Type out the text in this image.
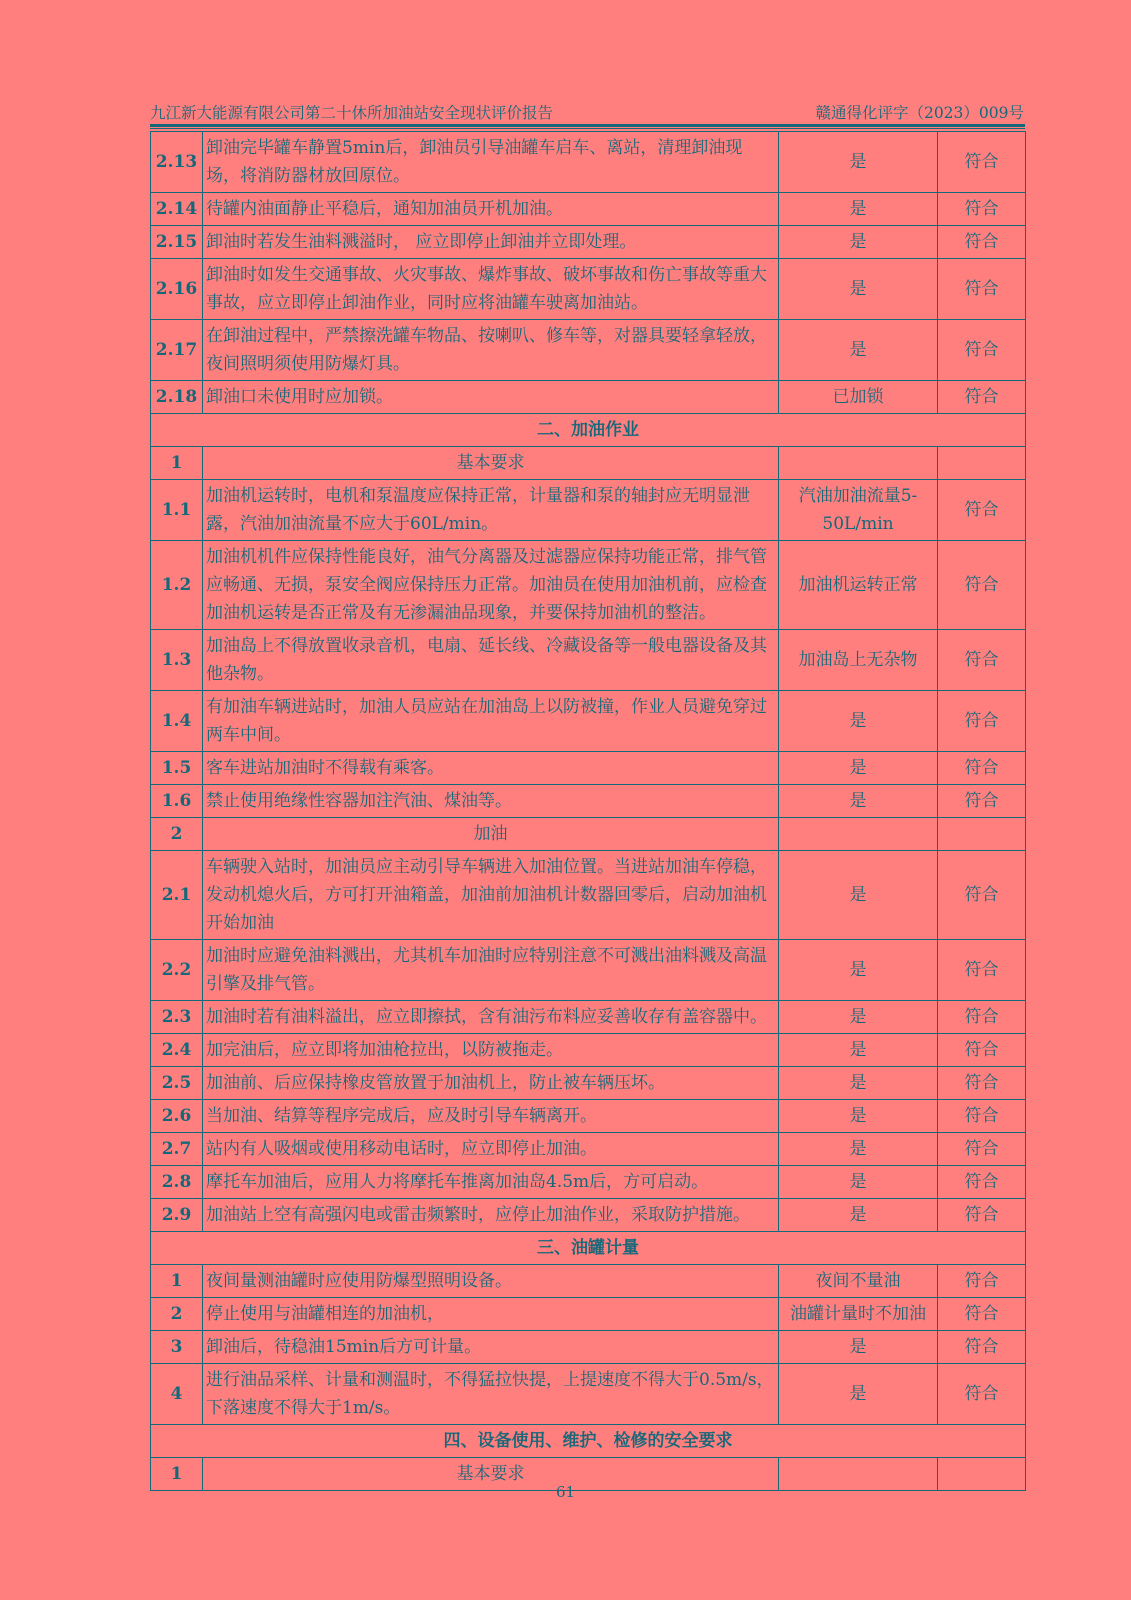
九江新大能源有限公司第二十休所加油站安全现状评价报告	赣通得化评字（2023）009号
2.13	卸油完毕罐车静置5min后，卸油员引导油罐车启车、离站，清理卸油现场，将消防器材放回原位。	是	符合
2.14	待罐内油面静止平稳后，通知加油员开机加油。	是	符合
2.15	卸油时若发生油料溅溢时， 应立即停止卸油并立即处理。	是	符合
2.16	卸油时如发生交通事故、火灾事故、爆炸事故、破坏事故和伤亡事故等重大事故，应立即停止卸油作业，同时应将油罐车驶离加油站。	是	符合
2.17	在卸油过程中，严禁擦洗罐车物品、按喇叭、修车等，对器具要轻拿轻放，夜间照明须使用防爆灯具。	是	符合
2.18	卸油口未使用时应加锁。	已加锁	符合
二、加油作业			
1	基本要求		
1.1	加油机运转时，电机和泵温度应保持正常，计量器和泵的轴封应无明显泄露，汽油加油流量不应大于60L/min。	汽油加油流量5-50L/min	符合
1.2	加油机机件应保持性能良好，油气分离器及过滤器应保持功能正常，排气管应畅通、无损，泵安全阀应保持压力正常。加油员在使用加油机前，应检查加油机运转是否正常及有无渗漏油品现象，并要保持加油机的整洁。	加油机运转正常	符合
1.3	加油岛上不得放置收录音机，电扇、延长线、冷藏设备等一般电器设备及其他杂物。	加油岛上无杂物	符合
1.4	有加油车辆进站时，加油人员应站在加油岛上以防被撞，作业人员避免穿过两车中间。	是	符合
1.5	客车进站加油时不得载有乘客。	是	符合
1.6	禁止使用绝缘性容器加注汽油、煤油等。	是	符合
2	加油		
2.1	车辆驶入站时，加油员应主动引导车辆进入加油位置。当进站加油车停稳，发动机熄火后，方可打开油箱盖，加油前加油机计数器回零后，启动加油机开始加油	是	符合
2.2	加油时应避免油料溅出，尤其机车加油时应特别注意不可溅出油料溅及高温引擎及排气管。	是	符合
2.3	加油时若有油料溢出，应立即擦拭，含有油污布料应妥善收存有盖容器中。	是	符合
2.4	加完油后，应立即将加油枪拉出，以防被拖走。	是	符合
2.5	加油前、后应保持橡皮管放置于加油机上，防止被车辆压坏。	是	符合
2.6	当加油、结算等程序完成后，应及时引导车辆离开。	是	符合
2.7	站内有人吸烟或使用移动电话时，应立即停止加油。	是	符合
2.8	摩托车加油后，应用人力将摩托车推离加油岛4.5m后，方可启动。	是	符合
2.9	加油站上空有高强闪电或雷击频繁时，应停止加油作业，采取防护措施。	是	符合
三、油罐计量			
1	夜间量测油罐时应使用防爆型照明设备。	夜间不量油	符合
2	停止使用与油罐相连的加油机，	油罐计量时不加油	符合
3	卸油后，待稳油15min后方可计量。	是	符合
4	进行油品采样、计量和测温时，不得猛拉快提，上提速度不得大于0.5m/s，下落速度不得大于1m/s。	是	符合
四、设备使用、维护、检修的安全要求			
1	基本要求		
61
